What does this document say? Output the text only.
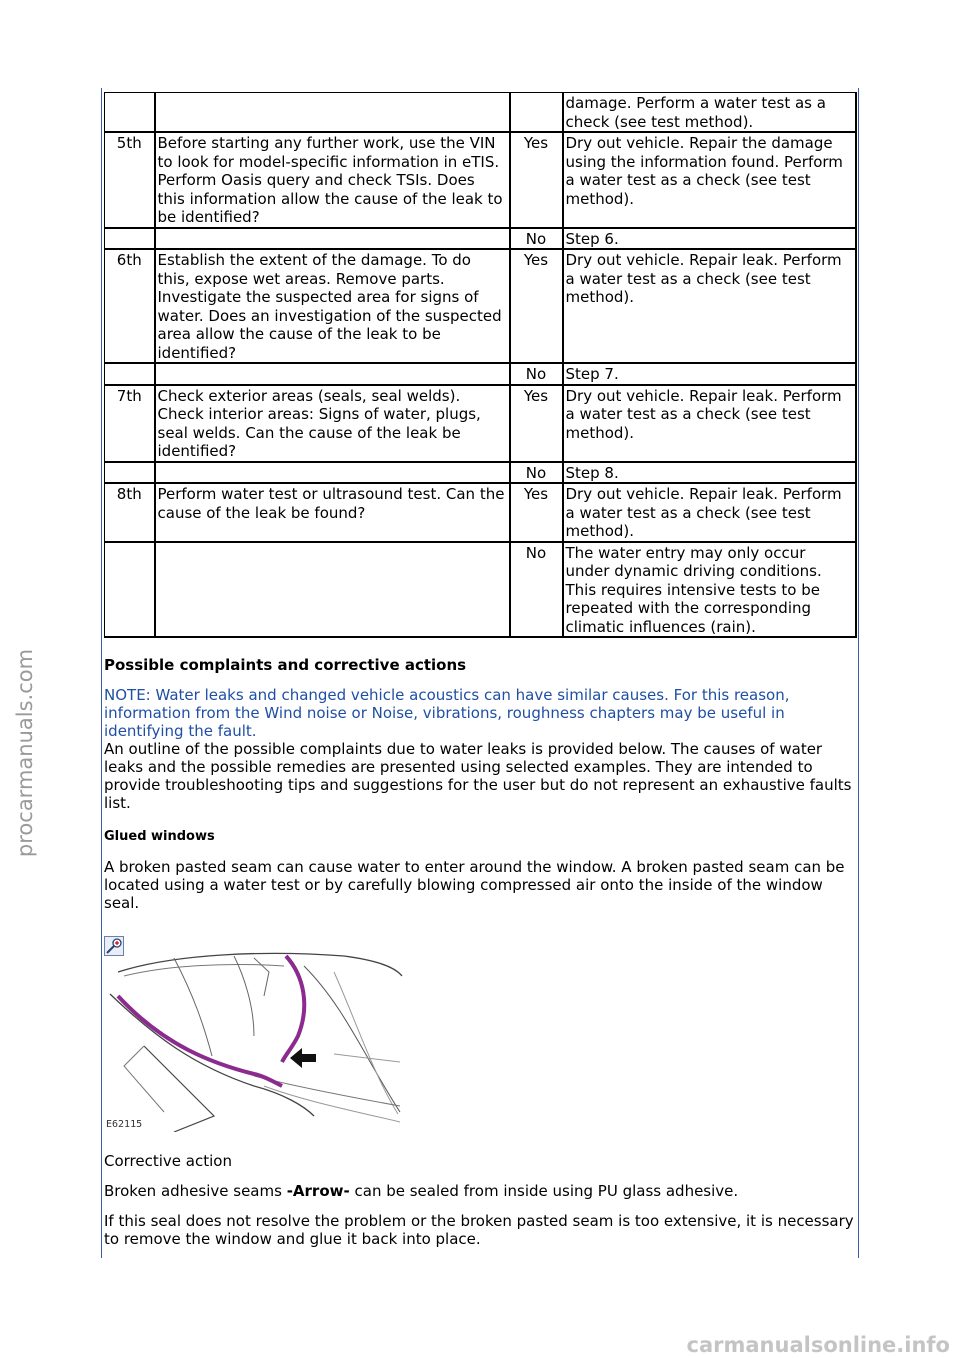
			damage. Perform a water test as a check (see test method).
5th	Before starting any further work, use the VIN to look for model-specific information in eTIS. Perform Oasis query and check TSIs. Does this information allow the cause of the leak to be identified?	Yes	Dry out vehicle. Repair the damage using the information found. Perform a water test as a check (see test method).
		No	Step 6.
6th	Establish the extent of the damage. To do this, expose wet areas. Remove parts. Investigate the suspected area for signs of water. Does an investigation of the suspected area allow the cause of the leak to be identified?	Yes	Dry out vehicle. Repair leak. Perform a water test as a check (see test method).
		No	Step 7.
7th	Check exterior areas (seals, seal welds). Check interior areas: Signs of water, plugs, seal welds. Can the cause of the leak be identified?	Yes	Dry out vehicle. Repair leak. Perform a water test as a check (see test method).
		No	Step 8.
8th	Perform water test or ultrasound test. Can the cause of the leak be found?	Yes	Dry out vehicle. Repair leak. Perform a water test as a check (see test method).
		No	The water entry may only occur under dynamic driving conditions. This requires intensive tests to be repeated with the corresponding climatic influences (rain).

Possible complaints and corrective actions

NOTE: Water leaks and changed vehicle acoustics can have similar causes. For this reason, information from the Wind noise or Noise, vibrations, roughness chapters may be useful in identifying the fault.

An outline of the possible complaints due to water leaks is provided below. The causes of water leaks and the possible remedies are presented using selected examples. They are intended to provide troubleshooting tips and suggestions for the user but do not represent an exhaustive faults list.

Glued windows

A broken pasted seam can cause water to enter around the window. A broken pasted seam can be located using a water test or by carefully blowing compressed air onto the inside of the window seal.

E62115

Corrective action

Broken adhesive seams -Arrow- can be sealed from inside using PU glass adhesive.

If this seal does not resolve the problem or the broken pasted seam is too extensive, it is necessary to remove the window and glue it back into place.

procarmanuals.com
carmanualsonline.info
